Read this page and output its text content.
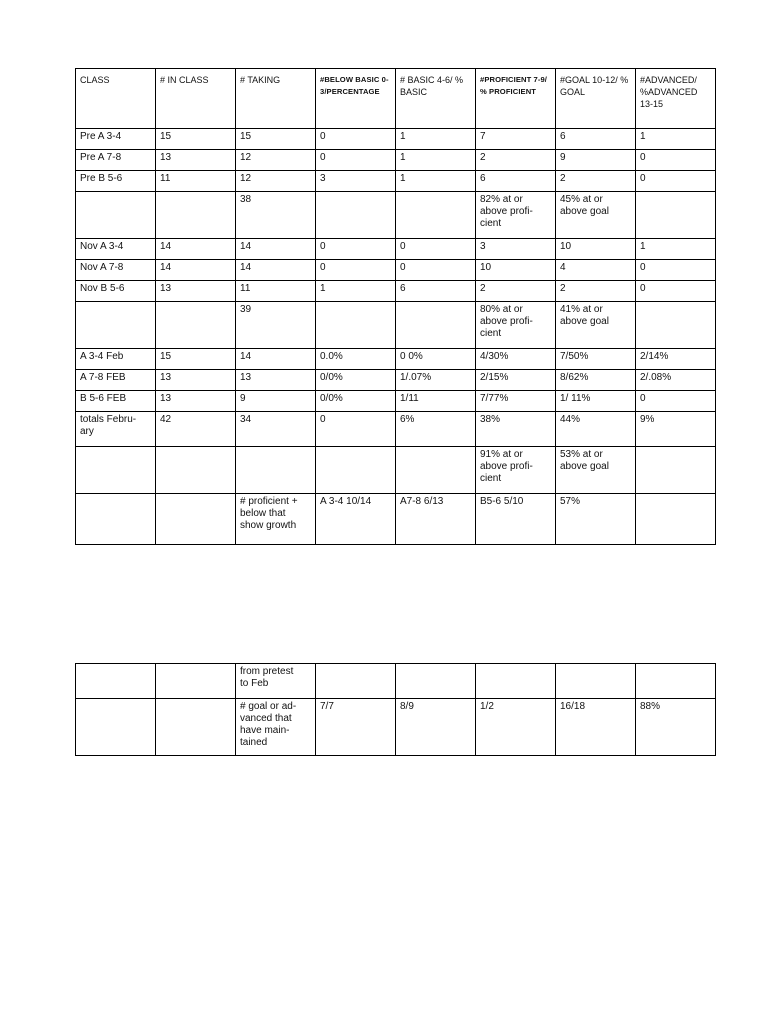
CLASS	# IN CLASS	# TAKING	#BELOW BASIC 0-3/PERCENTAGE	# BASIC 4-6/ % BASIC	#PROFICIENT 7-9/ % PROFICIENT	#GOAL 10-12/ % GOAL	#ADVANCED/ %ADVANCED 13-15
Pre A 3-4	15	15	0	1	7	6	1
Pre A 7-8	13	12	0	1	2	9	0
Pre B 5-6	11	12	3	1	6	2	0
		38			82% at or
above profi-
cient	45% at or
above goal	
Nov A 3-4	14	14	0	0	3	10	1
Nov A 7-8	14	14	0	0	10	4	0
Nov B 5-6	13	11	1	6	2	2	0
		39			80% at or
above profi-
cient	41% at or
above goal	
A 3-4 Feb	15	14	0.0%	0 0%	4/30%	7/50%	2/14%
A 7-8 FEB	13	13	0/0%	1/.07%	2/15%	8/62%	2/.08%
B 5-6 FEB	13	9	0/0%	1/11	7/77%	1/ 11%	0
totals Febru-
ary	42	34	0	6%	38%	44%	9%
					91% at or
above profi-
cient	53% at or
above goal	
		# proficient +
below that
show growth	A 3-4 10/14	A7-8 6/13	B5-6 5/10	57%	
		from pretest
to Feb					
		# goal or ad-
vanced that
have main-
tained	7/7	8/9	1/2	16/18	88%
